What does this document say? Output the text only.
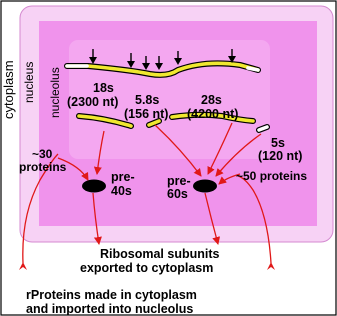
cytoplasm nucleus nucleolus 18s
(2300 nt) 5.8s
(156 nt)
28s
(4200 nt)
5s
(120 nt)
~30
proteins
~50 proteins
pre-
40s
pre-
60s
Ribosomal subunits
exported to cytoplasm
rProteins made in cytoplasm
and imported into nucleolus
